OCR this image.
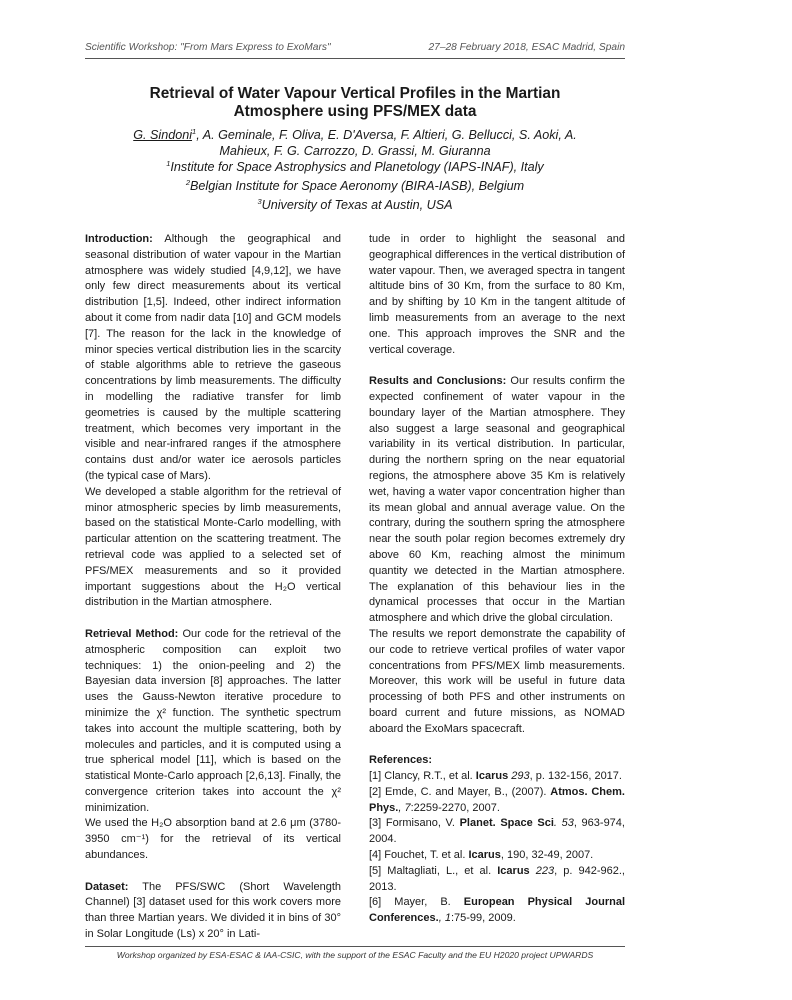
Scientific Workshop: "From Mars Express to ExoMars"	27–28 February 2018, ESAC Madrid, Spain
Retrieval of Water Vapour Vertical Profiles in the Martian
Atmosphere using PFS/MEX data
G. Sindoni$^1$, A. Geminale, F. Oliva, E. D'Aversa, F. Altieri, G. Bellucci, S. Aoki, A.
Mahieux, F. G. Carrozzo, D. Grassi, M. Giuranna
$^1$Institute for Space Astrophysics and Planetology (IAPS-INAF), Italy
$^2$Belgian Institute for Space Aeronomy (BIRA-IASB), Belgium
$^3$University of Texas at Austin, USA

Introduction: Although the geographical and seasonal distribution of water vapour in the Martian atmosphere was widely studied [4,9,12], we have only few direct measurements about its vertical distribution [1,5]. Indeed, other indirect information about it come from nadir data [10] and GCM models [7]. The reason for the lack in the knowledge of minor species vertical distribution lies in the scarcity of stable algorithms able to retrieve the gaseous concentrations by limb measurements. The difficulty in modelling the radiative transfer for limb geometries is caused by the multiple scattering treatment, which becomes very important in the visible and near-infrared ranges if the atmosphere contains dust and/or water ice aerosols particles (the typical case of Mars).

We developed a stable algorithm for the retrieval of minor atmospheric species by limb measurements, based on the statistical Monte-Carlo modelling, with particular attention on the scattering treatment. The retrieval code was applied to a selected set of PFS/MEX measurements and so it provided important suggestions about the H₂O vertical distribution in the Martian atmosphere.

Retrieval Method: Our code for the retrieval of the atmospheric composition can exploit two techniques: 1) the onion-peeling and 2) the Bayesian data inversion [8] approaches. The latter uses the Gauss-Newton iterative procedure to minimize the χ² function. The synthetic spectrum takes into account the multiple scattering, both by molecules and particles, and it is computed using a true spherical model [11], which is based on the statistical Monte-Carlo approach [2,6,13]. Finally, the convergence criterion takes into account the χ² minimization.

We used the H₂O absorption band at 2.6 μm (3780-3950 cm⁻¹) for the retrieval of its vertical abundances.

Dataset: The PFS/SWC (Short Wavelength Channel) [3] dataset used for this work covers more than three Martian years. We divided it in bins of 30° in Solar Longitude (Ls) x 20° in Lati-

tude in order to highlight the seasonal and geographical differences in the vertical distribution of water vapour. Then, we averaged spectra in tangent altitude bins of 30 Km, from the surface to 80 Km, and by shifting by 10 Km in the tangent altitude of limb measurements from an average to the next one. This approach improves the SNR and the vertical coverage.

Results and Conclusions: Our results confirm the expected confinement of water vapour in the boundary layer of the Martian atmosphere. They also suggest a large seasonal and geographical variability in its vertical distribution. In particular, during the northern spring on the near equatorial regions, the atmosphere above 35 Km is relatively wet, having a water vapor concentration higher than its mean global and annual average value. On the contrary, during the southern spring the atmosphere near the south polar region becomes extremely dry above 60 Km, reaching almost the minimum quantity we detected in the Martian atmosphere. The explanation of this behaviour lies in the dynamical processes that occur in the Martian atmosphere and which drive the global circulation.

The results we report demonstrate the capability of our code to retrieve vertical profiles of water vapor concentrations from PFS/MEX limb measurements. Moreover, this work will be useful in future data processing of both PFS and other instruments on board current and future missions, as NOMAD aboard the ExoMars spacecraft.

References:

[1] Clancy, R.T., et al. Icarus 293, p. 132-156, 2017.

[2] Emde, C. and Mayer, B., (2007). Atmos. Chem. Phys., 7:2259-2270, 2007.

[3] Formisano, V. Planet. Space Sci. 53, 963-974, 2004.

[4] Fouchet, T. et al. Icarus, 190, 32-49, 2007.

[5] Maltagliati, L., et al. Icarus 223, p. 942-962., 2013.

[6] Mayer, B. European Physical Journal Conferences., 1:75-99, 2009.

Workshop organized by ESA-ESAC & IAA-CSIC, with the support of the ESAC Faculty and the EU H2020 project UPWARDS
